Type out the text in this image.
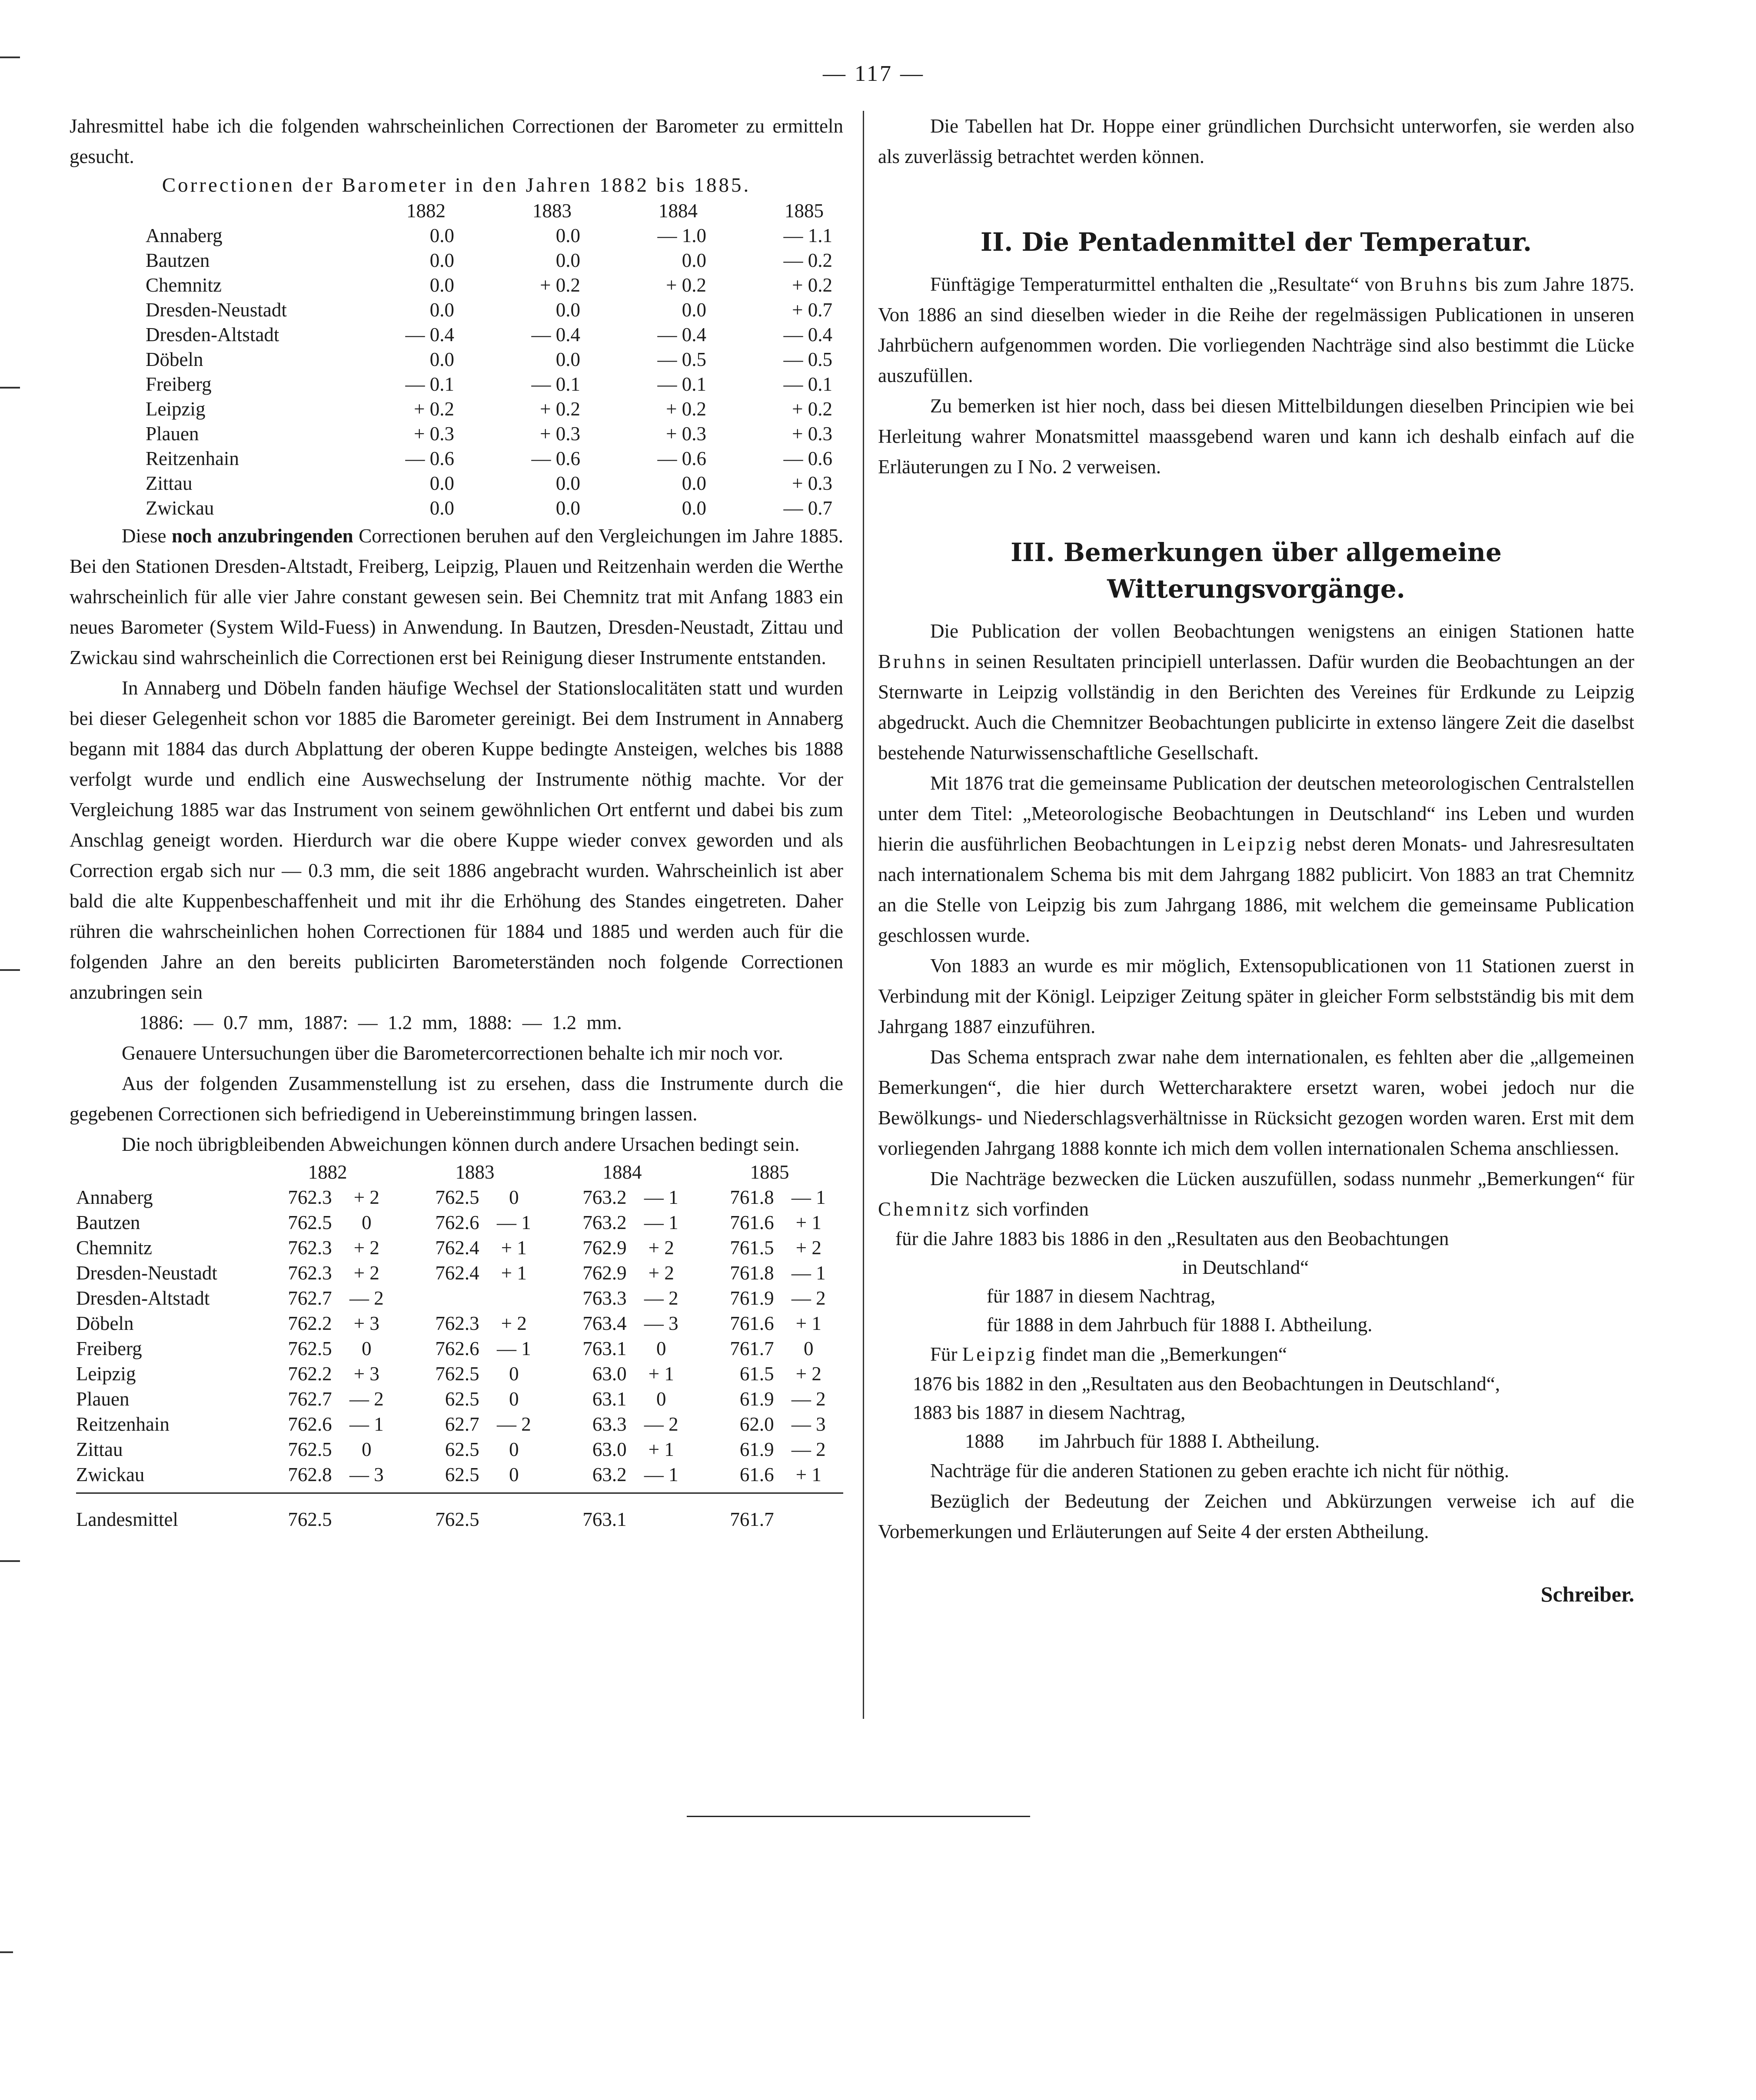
— 117 —

Jahresmittel habe ich die folgenden wahrscheinlichen Correctionen der Barometer zu ermitteln gesucht.

Correctionen der Barometer in den Jahren 1882 bis 1885.

	1882	1883	1884	1885
Annaberg	0.0	0.0	— 1.0	— 1.1
Bautzen	0.0	0.0	0.0	— 0.2
Chemnitz	0.0	+ 0.2	+ 0.2	+ 0.2
Dresden-Neustadt	0.0	0.0	0.0	+ 0.7
Dresden-Altstadt	— 0.4	— 0.4	— 0.4	— 0.4
Döbeln	0.0	0.0	— 0.5	— 0.5
Freiberg	— 0.1	— 0.1	— 0.1	— 0.1
Leipzig	+ 0.2	+ 0.2	+ 0.2	+ 0.2
Plauen	+ 0.3	+ 0.3	+ 0.3	+ 0.3
Reitzenhain	— 0.6	— 0.6	— 0.6	— 0.6
Zittau	0.0	0.0	0.0	+ 0.3
Zwickau	0.0	0.0	0.0	— 0.7

Diese noch anzubringenden Correctionen beruhen auf den Vergleichungen im Jahre 1885. Bei den Stationen Dresden-Altstadt, Freiberg, Leipzig, Plauen und Reitzenhain werden die Werthe wahrscheinlich für alle vier Jahre constant gewesen sein. Bei Chemnitz trat mit Anfang 1883 ein neues Barometer (System Wild-Fuess) in Anwendung. In Bautzen, Dresden-Neustadt, Zittau und Zwickau sind wahrscheinlich die Correctionen erst bei Reinigung dieser Instrumente entstanden.

In Annaberg und Döbeln fanden häufige Wechsel der Stationslocalitäten statt und wurden bei dieser Gelegenheit schon vor 1885 die Barometer gereinigt. Bei dem Instrument in Annaberg begann mit 1884 das durch Abplattung der oberen Kuppe bedingte Ansteigen, welches bis 1888 verfolgt wurde und endlich eine Auswechselung der Instrumente nöthig machte. Vor der Vergleichung 1885 war das Instrument von seinem gewöhnlichen Ort entfernt und dabei bis zum Anschlag geneigt worden. Hierdurch war die obere Kuppe wieder convex geworden und als Correction ergab sich nur — 0.3 mm, die seit 1886 angebracht wurden. Wahrscheinlich ist aber bald die alte Kuppenbeschaffenheit und mit ihr die Erhöhung des Standes eingetreten. Daher rühren die wahrscheinlichen hohen Correctionen für 1884 und 1885 und werden auch für die folgenden Jahre an den bereits publicirten Barometerständen noch folgende Correctionen anzubringen sein

1886: — 0.7 mm, 1887: — 1.2 mm, 1888: — 1.2 mm.

Genauere Untersuchungen über die Barometercorrectionen behalte ich mir noch vor.

Aus der folgenden Zusammenstellung ist zu ersehen, dass die Instrumente durch die gegebenen Correctionen sich befriedigend in Uebereinstimmung bringen lassen.

Die noch übrigbleibenden Abweichungen können durch andere Ursachen bedingt sein.

	1882		1883		1884		1885	
Annaberg	762.3	+ 2	762.5	0	763.2	— 1	761.8	— 1
Bautzen	762.5	0	762.6	— 1	763.2	— 1	761.6	+ 1
Chemnitz	762.3	+ 2	762.4	+ 1	762.9	+ 2	761.5	+ 2
Dresden-Neustadt	762.3	+ 2	762.4	+ 1	762.9	+ 2	761.8	— 1
Dresden-Altstadt	762.7	— 2			763.3	— 2	761.9	— 2
Döbeln	762.2	+ 3	762.3	+ 2	763.4	— 3	761.6	+ 1
Freiberg	762.5	0	762.6	— 1	763.1	0	761.7	0
Leipzig	762.2	+ 3	762.5	0	63.0	+ 1	61.5	+ 2
Plauen	762.7	— 2	62.5	0	63.1	0	61.9	— 2
Reitzenhain	762.6	— 1	62.7	— 2	63.3	— 2	62.0	— 3
Zittau	762.5	0	62.5	0	63.0	+ 1	61.9	— 2
Zwickau	762.8	— 3	62.5	0	63.2	— 1	61.6	+ 1

Landesmittel	762.5		762.5		763.1		761.7	

Die Tabellen hat Dr. Hoppe einer gründlichen Durchsicht unterworfen, sie werden also als zuverlässig betrachtet werden können.

II. Die Pentadenmittel der Temperatur.

Fünftägige Temperaturmittel enthalten die „Resultate“ von Bruhns bis zum Jahre 1875. Von 1886 an sind dieselben wieder in die Reihe der regelmässigen Publicationen in unseren Jahrbüchern aufgenommen worden. Die vorliegenden Nachträge sind also bestimmt die Lücke auszufüllen.

Zu bemerken ist hier noch, dass bei diesen Mittelbildungen dieselben Principien wie bei Herleitung wahrer Monatsmittel maassgebend waren und kann ich deshalb einfach auf die Erläuterungen zu I No. 2 verweisen.

III. Bemerkungen über allgemeine Witterungsvorgänge.

Die Publication der vollen Beobachtungen wenigstens an einigen Stationen hatte Bruhns in seinen Resultaten principiell unterlassen. Dafür wurden die Beobachtungen an der Sternwarte in Leipzig vollständig in den Berichten des Vereines für Erdkunde zu Leipzig abgedruckt. Auch die Chemnitzer Beobachtungen publicirte in extenso längere Zeit die daselbst bestehende Naturwissenschaftliche Gesellschaft.

Mit 1876 trat die gemeinsame Publication der deutschen meteorologischen Centralstellen unter dem Titel: „Meteorologische Beobachtungen in Deutschland“ ins Leben und wurden hierin die ausführlichen Beobachtungen in Leipzig nebst deren Monats- und Jahresresultaten nach internationalem Schema bis mit dem Jahrgang 1882 publicirt. Von 1883 an trat Chemnitz an die Stelle von Leipzig bis zum Jahrgang 1886, mit welchem die gemeinsame Publication geschlossen wurde.

Von 1883 an wurde es mir möglich, Extensopublicationen von 11 Stationen zuerst in Verbindung mit der Königl. Leipziger Zeitung später in gleicher Form selbstständig bis mit dem Jahrgang 1887 einzuführen.

Das Schema entsprach zwar nahe dem internationalen, es fehlten aber die „allgemeinen Bemerkungen“, die hier durch Wettercharaktere ersetzt waren, wobei jedoch nur die Bewölkungs- und Niederschlagsverhältnisse in Rücksicht gezogen worden waren. Erst mit dem vorliegenden Jahrgang 1888 konnte ich mich dem vollen internationalen Schema anschliessen.

Die Nachträge bezwecken die Lücken auszufüllen, sodass nunmehr „Bemerkungen“ für Chemnitz sich vorfinden

für die Jahre 1883 bis 1886 in den „Resultaten aus den Beobachtungen

in Deutschland“

für 1887 in diesem Nachtrag,

für 1888 in dem Jahrbuch für 1888 I. Abtheilung.

Für Leipzig findet man die „Bemerkungen“

1876 bis 1882 in den „Resultaten aus den Beobachtungen in Deutschland“,

1883 bis 1887 in diesem Nachtrag,

1888 im Jahrbuch für 1888 I. Abtheilung.

Nachträge für die anderen Stationen zu geben erachte ich nicht für nöthig.

Bezüglich der Bedeutung der Zeichen und Abkürzungen verweise ich auf die Vorbemerkungen und Erläuterungen auf Seite 4 der ersten Abtheilung.

Schreiber.
